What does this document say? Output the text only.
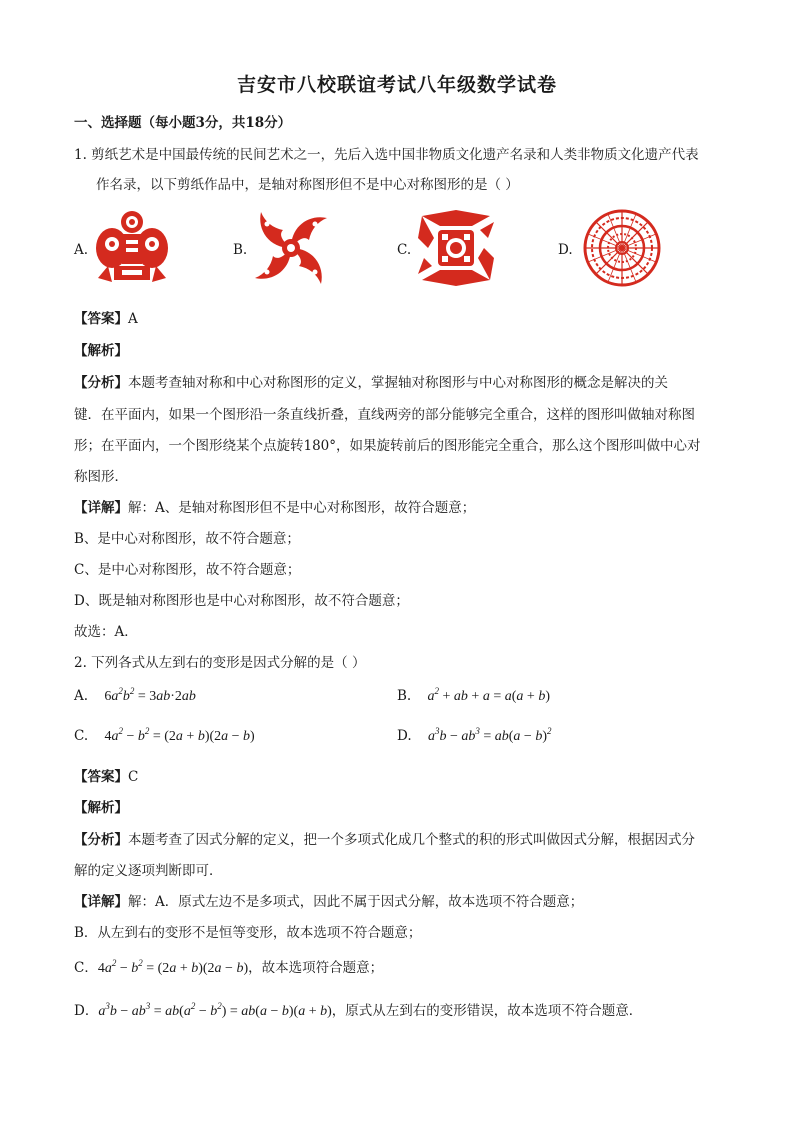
吉安市八校联谊考试八年级数学试卷
一、选择题（每小题3分，共18分）
1. 剪纸艺术是中国最传统的民间艺术之一，先后入选中国非物质文化遗产名录和人类非物质文化遗产代表
作名录，以下剪纸作品中，是轴对称图形但不是中心对称图形的是（ ）
A.	B.	C.	D.
【答案】A
【解析】
【分析】本题考查轴对称和中心对称图形的定义，掌握轴对称图形与中心对称图形的概念是解决的关
键．在平面内，如果一个图形沿一条直线折叠，直线两旁的部分能够完全重合，这样的图形叫做轴对称图
形；在平面内，一个图形绕某个点旋转180°，如果旋转前后的图形能完全重合，那么这个图形叫做中心对
称图形．
【详解】解：A、是轴对称图形但不是中心对称图形，故符合题意；
B、是中心对称图形，故不符合题意；
C、是中心对称图形，故不符合题意；
D、既是轴对称图形也是中心对称图形，故不符合题意；
故选：A．
2. 下列各式从左到右的变形是因式分解的是（ ）
A. $6a^2b^2 = 3ab\cdot 2ab$	B. $a^2$ + ab + a = a(a + b)
C. $4a^2 - b^2 = (2a + b)(2a - b)$	D. $a^3b - ab^3 = ab(a - b)^2$
【答案】C
【解析】
【分析】本题考查了因式分解的定义，把一个多项式化成几个整式的积的形式叫做因式分解，根据因式分
解的定义逐项判断即可．
【详解】解：A．原式左边不是多项式，因此不属于因式分解，故本选项不符合题意；
B．从左到右的变形不是恒等变形，故本选项不符合题意；
C．$4a^2 - b^2 = (2a + b)(2a - b)$，故本选项符合题意；
D．$a^3b - ab^3 = ab(a^2 - b^2) = ab(a - b)(a + b)$，原式从左到右的变形错误，故本选项不符合题意．
